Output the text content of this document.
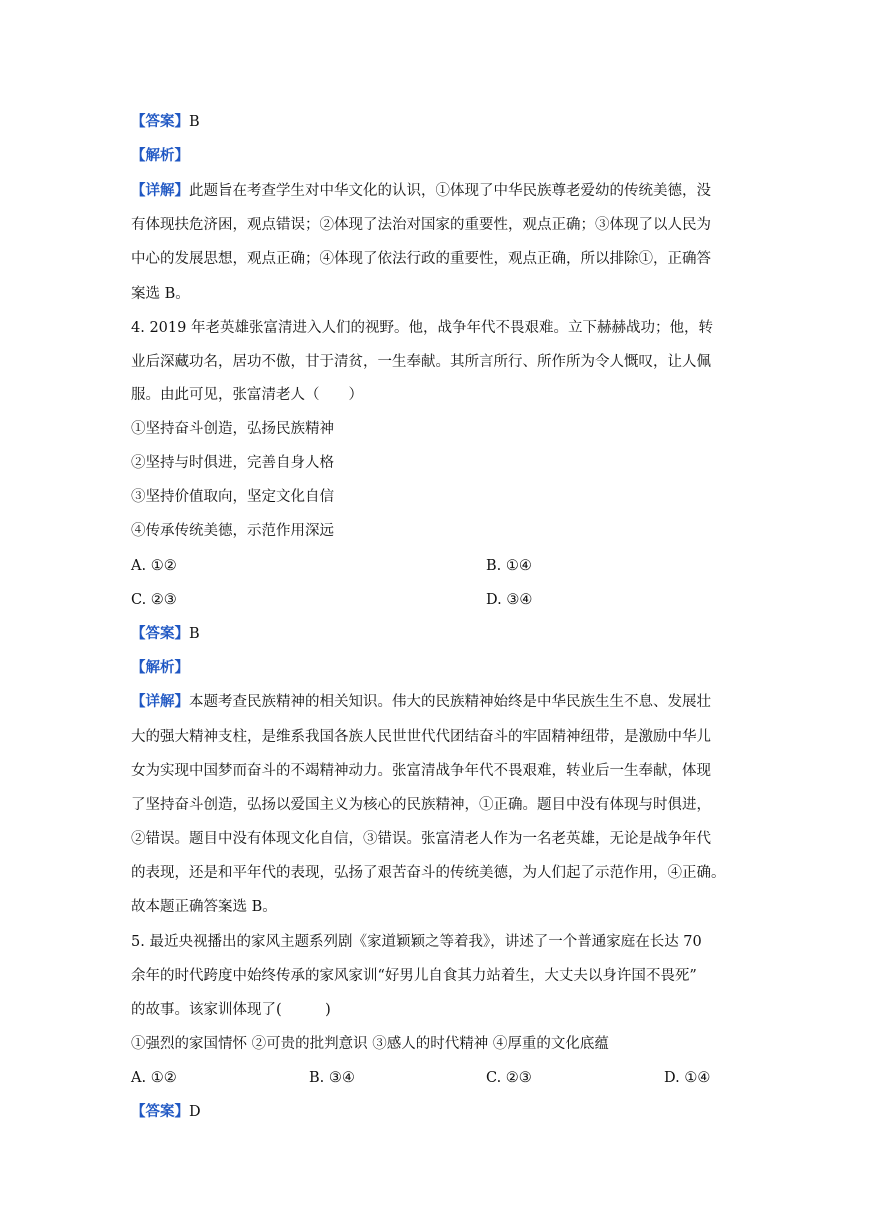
【答案】B
【解析】
【详解】此题旨在考查学生对中华文化的认识，①体现了中华民族尊老爱幼的传统美德，没
有体现扶危济困，观点错误；②体现了法治对国家的重要性，观点正确；③体现了以人民为
中心的发展思想，观点正确；④体现了依法行政的重要性，观点正确，所以排除①，正确答
案选 B。
4. 2019 年老英雄张富清进入人们的视野。他，战争年代不畏艰难。立下赫赫战功；他，转
业后深藏功名，居功不傲，甘于清贫，一生奉献。其所言所行、所作所为令人慨叹，让人佩
服。由此可见，张富清老人（　　）
①坚持奋斗创造，弘扬民族精神
②坚持与时俱进，完善自身人格
③坚持价值取向，坚定文化自信
④传承传统美德，示范作用深远
A. ①②	B. ①④
C. ②③	D. ③④
【答案】B
【解析】
【详解】本题考查民族精神的相关知识。伟大的民族精神始终是中华民族生生不息、发展壮
大的强大精神支柱，是维系我国各族人民世世代代团结奋斗的牢固精神纽带，是激励中华儿
女为实现中国梦而奋斗的不竭精神动力。张富清战争年代不畏艰难，转业后一生奉献，体现
了坚持奋斗创造，弘扬以爱国主义为核心的民族精神，①正确。题目中没有体现与时俱进，
②错误。题目中没有体现文化自信，③错误。张富清老人作为一名老英雄，无论是战争年代
的表现，还是和平年代的表现，弘扬了艰苦奋斗的传统美德，为人们起了示范作用，④正确。
故本题正确答案选 B。
5. 最近央视播出的家风主题系列剧《家道颖颖之等着我》，讲述了一个普通家庭在长达 70
余年的时代跨度中始终传承的家风家训“好男儿自食其力站着生，大丈夫以身许国不畏死”
的故事。该家训体现了(　　　)
①强烈的家国情怀 ②可贵的批判意识 ③感人的时代精神 ④厚重的文化底蕴
A. ①②	B. ③④	C. ②③	D. ①④
【答案】D
